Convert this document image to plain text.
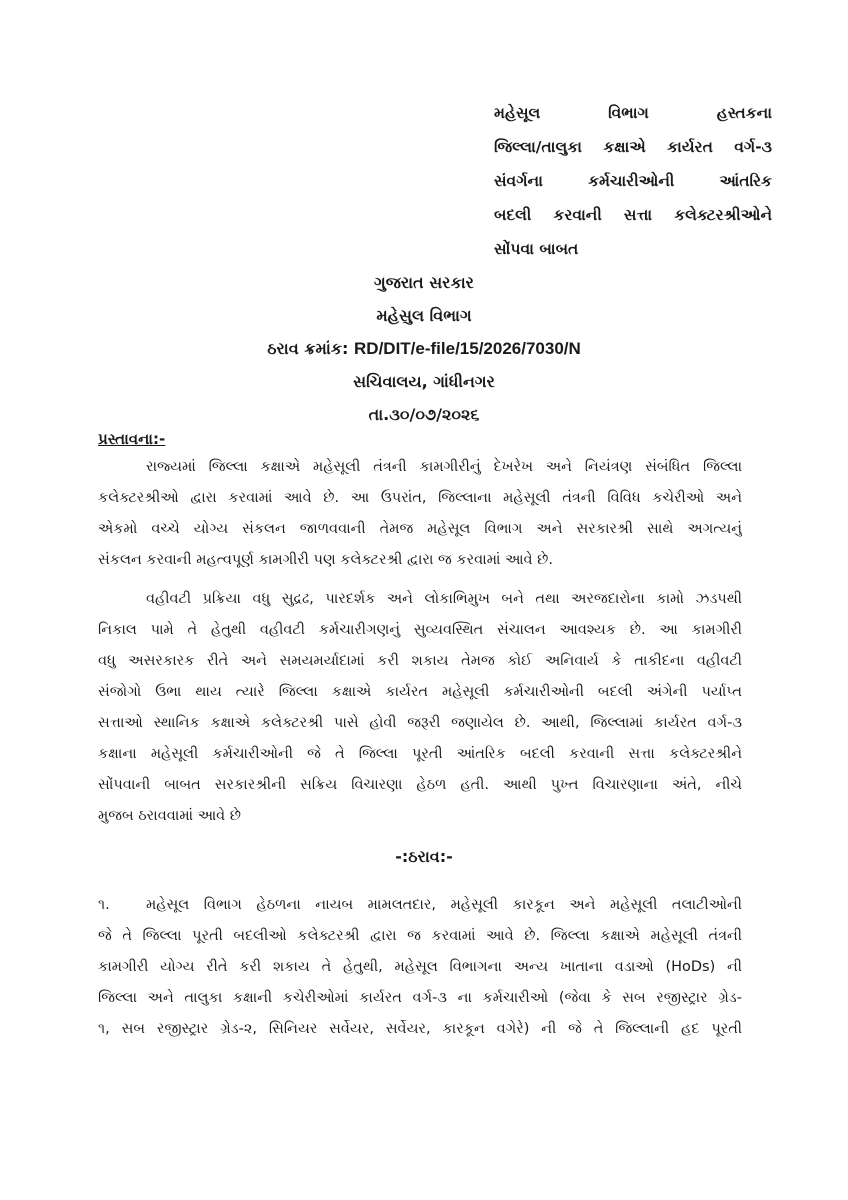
મહેસૂલ વિભાગ હસ્તકના
જિલ્લા/તાલુકા કક્ષાએ કાર્યરત વર્ગ-૩
સંવર્ગના કર્મચારીઓની આંતરિક
બદલી કરવાની સત્તા કલેક્ટરશ્રીઓને
સોંપવા બાબત
ગુજરાત સરકાર
મહેસુલ વિભાગ
ઠરાવ ક્રમાંક: RD/DIT/e-file/15/2026/7030/N
સચિવાલય, ગાંધીનગર
તા.૩૦/૦૭/૨૦૨૬
પ્રસ્તાવના:-
રાજ્યમાં જિલ્લા કક્ષાએ મહેસૂલી તંત્રની કામગીરીનું દેખરેખ અને નિયંત્રણ સંબંધિત જિલ્લા
કલેક્ટરશ્રીઓ દ્વારા કરવામાં આવે છે. આ ઉપરાંત, જિલ્લાના મહેસૂલી તંત્રની વિવિધ કચેરીઓ અને
એકમો વચ્ચે યોગ્ય સંકલન જાળવવાની તેમજ મહેસૂલ વિભાગ અને સરકારશ્રી સાથે અગત્યનું
સંકલન કરવાની મહત્વપૂર્ણ કામગીરી પણ કલેક્ટરશ્રી દ્વારા જ કરવામાં આવે છે.
વહીવટી પ્રક્રિયા વધુ સુદ્રઢ, પારદર્શક અને લોકાભિમુખ બને તથા અરજદારોના કામો ઝડપથી
નિકાલ પામે તે હેતુથી વહીવટી કર્મચારીગણનું સુવ્યવસ્થિત સંચાલન આવશ્યક છે. આ કામગીરી
વધુ અસરકારક રીતે અને સમયમર્યાદામાં કરી શકાય તેમજ કોઈ અનિવાર્ય કે તાકીદના વહીવટી
સંજોગો ઉભા થાય ત્યારે જિલ્લા કક્ષાએ કાર્યરત મહેસૂલી કર્મચારીઓની બદલી અંગેની પર્યાપ્ત
સત્તાઓ સ્થાનિક કક્ષાએ કલેક્ટરશ્રી પાસે હોવી જરૂરી જણાયેલ છે. આથી, જિલ્લામાં કાર્યરત વર્ગ-૩
કક્ષાના મહેસૂલી કર્મચારીઓની જે તે જિલ્લા પૂરતી આંતરિક બદલી કરવાની સત્તા કલેક્ટરશ્રીને
સોંપવાની બાબત સરકારશ્રીની સક્રિય વિચારણા હેઠળ હતી. આથી પુખ્ત વિચારણાના અંતે, નીચે
મુજબ ઠરાવવામાં આવે છે
-:ઠરાવ:-
૧.	મહેસૂલ વિભાગ હેઠળના નાયબ મામલતદાર, મહેસૂલી કારકૂન અને મહેસૂલી તલાટીઓની
જે તે જિલ્લા પૂરતી બદલીઓ કલેક્ટરશ્રી દ્વારા જ કરવામાં આવે છે. જિલ્લા કક્ષાએ મહેસૂલી તંત્રની
કામગીરી યોગ્ય રીતે કરી શકાય તે હેતુથી, મહેસૂલ વિભાગના અન્ય ખાતાના વડાઓ (HoDs) ની
જિલ્લા અને તાલુકા કક્ષાની કચેરીઓમાં કાર્યરત વર્ગ-૩ ના કર્મચારીઓ (જેવા કે સબ રજીસ્ટ્રાર ગ્રેડ-
૧, સબ રજીસ્ટ્રાર ગ્રેડ-૨, સિનિયર સર્વેયર, સર્વેયર, કારકૂન વગેરે) ની જે તે જિલ્લાની હદ પૂરતી
